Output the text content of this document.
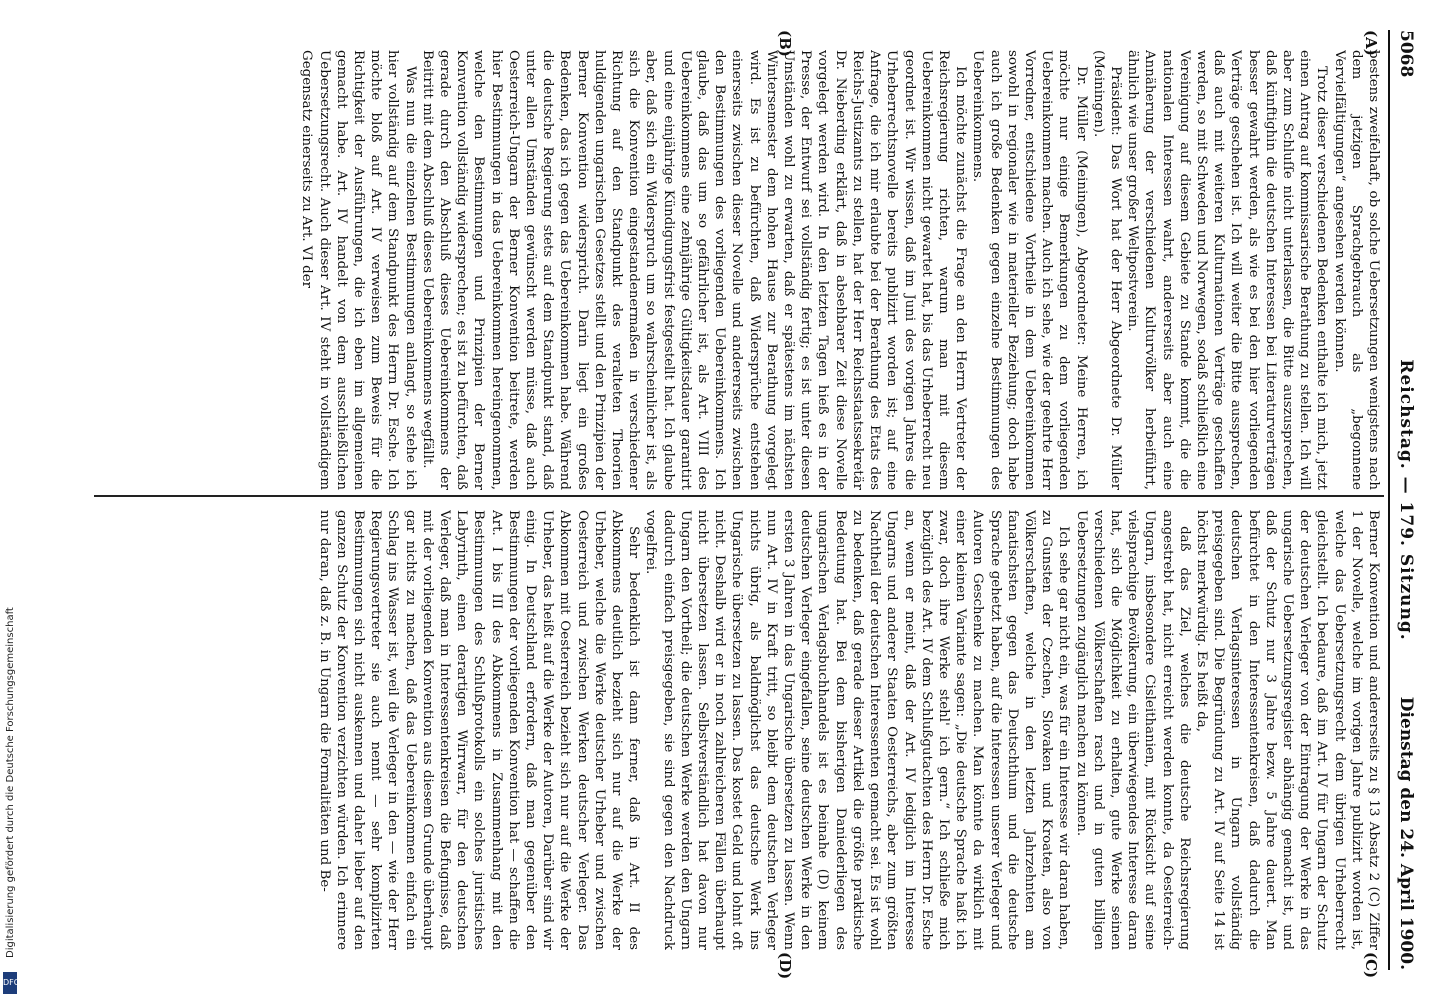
5068
Reichstag. — 179. Sitzung.
Dienstag den 24. April 1900.
(A)
(B)
(C)
(D)

bestens zweifelhaft, ob solche Uebersetzungen wenigstens nach dem jetzigen Sprachgebrauch als „begonnene Vervielfältigungen“ angesehen werden können.

Trotz dieser verschiedenen Bedenken enthalte ich mich, jetzt einen Antrag auf kommissarische Berathung zu stellen. Ich will aber zum Schluſſe nicht unterlassen, die Bitte auszusprechen, daß künftighin die deutschen Interessen bei Literaturverträgen besser gewahrt werden, als wie es bei den hier vorliegenden Verträge geschehen ist. Ich will weiter die Bitte aussprechen, daß auch mit weiteren Kulturnationen Verträge geschaffen werden, so mit Schweden und Norwegen, sodaß schließlich eine Vereinigung auf diesem Gebiete zu Stande kommt, die die nationalen Interessen wahrt, andererseits aber auch eine Annäherung der verschiedenen Kulturvölker herbeiführt, ähnlich wie unser großer Weltpostverein.

Präsident: Das Wort hat der Herr Abgeordnete Dr. Müller (Meiningen).

Dr. Müller (Meiningen), Abgeordneter: Meine Herren, ich möchte nur einige Bemerkungen zu dem vorliegenden Uebereinkommen machen. Auch ich sehe, wie der geehrte Herr Vorredner, entschiedene Vortheile in dem Uebereinkommen sowohl in regionaler wie in materieller Beziehung; doch habe auch ich große Bedenken gegen einzelne Bestimmungen des Uebereinkommens.

Ich möchte zunächst die Frage an den Herrn Vertreter der Reichsregierung richten, warum man mit diesem Uebereinkommen nicht gewartet hat, bis das Urheberrecht neu geordnet ist. Wir wissen, daß im Juni des vorigen Jahres die Urheberrechtsnovelle bereits publizirt worden ist; auf eine Anfrage, die ich mir erlaubte bei der Berathung des Etats des Reichs-Justizamts zu stellen, hat der Herr Reichsstaatssekretär Dr. Nieberding erklärt, daß in absehbarer Zeit diese Novelle vorgelegt werden wird. In den letzten Tagen hieß es in der Presse, der Entwurf sei vollständig fertig; es ist unter diesen Umständen wohl zu erwarten, daß er spätestens im nächsten Wintersemester dem hohen Hause zur Berathung vorgelegt wird. Es ist zu befürchten, daß Widersprüche entstehen einerseits zwischen dieser Novelle und andererseits zwischen den Bestimmungen des vorliegenden Uebereinkommens. Ich glaube, daß das um so gefährlicher ist, als Art. VIII des Uebereinkommens eine zehnjährige Gültigkeitsdauer garantirt und eine einjährige Kündigungsfrist festgestellt hat. Ich glaube aber, daß sich ein Widerspruch um so wahrscheinlicher ist, als sich die Konvention eingestandenermaßen in verschiedener Richtung auf den Standpunkt des veralteten Theorien huldigenden ungarischen Gesetzes stellt und den Prinzipien der Berner Konvention widerspricht. Darin liegt ein großes Bedenken, das ich gegen das Uebereinkommen habe. Während die deutsche Regierung stets auf dem Standpunkt stand, daß unter allen Umständen gewünscht werden müsse, daß auch Oesterreich-Ungarn der Berner Konvention beitrete, werden hier Bestimmungen in das Uebereinkommen hereingenommen, welche den Bestimmungen und Prinzipien der Berner Konvention vollständig widersprechen; es ist zu befürchten, daß gerade durch den Abschluß dieses Uebereinkommens der Beitritt mit dem Abschluß dieses Uebereinkommens wegfällt.

Was nun die einzelnen Bestimmungen anlangt, so stehe ich hier vollständig auf dem Standpunkt des Herrn Dr. Esche. Ich möchte bloß auf Art. IV verweisen zum Beweis für die Richtigkeit der Ausführungen, die ich eben im allgemeinen gemacht habe. Art. IV handelt von dem ausschließlichen Uebersetzungsrecht. Auch dieser Art. IV steht in vollständigem Gegensatz einerseits zu Art. VI der

Berner Konvention und andererseits zu § 13 Absatz 2 (C) Ziffer 1 der Novelle, welche im vorigen Jahre publizirt worden ist, welche das Uebersetzungsrecht dem übrigen Urheberrecht gleichstellt. Ich bedaure, daß im Art. IV für Ungarn der Schutz der deutschen Verleger von der Eintragung der Werke in das ungarische Uebersetzungsregister abhängig gemacht ist, und daß der Schutz nur 3 Jahre bezw. 5 Jahre dauert. Man befürchtet in den Interessentenkreisen, daß dadurch die deutschen Verlagsinteressen in Ungarn vollständig preisgegeben sind. Die Begründung zu Art. IV auf Seite 14 ist höchst merkwürdig. Es heißt da,

daß das Ziel, welches die deutsche Reichsregierung angestrebt hat, nicht erreicht werden konnte, da Oesterreich-Ungarn, insbesondere Cisleithanien, mit Rücksicht auf seine vielsprachige Bevölkerung, ein überwiegendes Interesse daran hat, sich die Möglichkeit zu erhalten, gute Werke seinen verschiedenen Völkerschaften rasch und in guten billigen Uebersetzungen zugänglich machen zu können.

Ich sehe gar nicht ein, was für ein Interesse wir daran haben, zu Gunsten der Czechen, Slovaken und Kroaten, also von Völkerschaften, welche in den letzten Jahrzehnten am fanatischsten gegen das Deutschthum und die deutsche Sprache gehetzt haben, auf die Interessen unserer Verleger und Autoren Geschenke zu machen. Man könnte da wirklich mit einer kleinen Variante sagen: „Die deutsche Sprache haßt ich zwar, doch ihre Werke stehl' ich gern.“ Ich schließe mich bezüglich des Art. IV dem Schlußgutachten des Herrn Dr. Esche an, wenn er meint, daß der Art. IV lediglich im Interesse Ungarns und anderer Staaten Oesterreichs, aber zum größten Nachtheil der deutschen Interessenten gemacht sei. Es ist wohl zu bedenken, daß gerade dieser Artikel die größte praktische Bedeutung hat. Bei dem bisherigen Daniederliegen des ungarischen Verlagsbuchhandels ist es beinahe (D) keinem deutschen Verleger eingefallen, seine deutschen Werke in den ersten 3 Jahren in das Ungarische übersetzen zu lassen. Wenn nun Art. IV in Kraft tritt, so bleibt dem deutschen Verleger nichts übrig, als baldmöglichst das deutsche Werk ins Ungarische übersetzen zu lassen. Das kostet Geld und lohnt oft nicht. Deshalb wird er in noch zahlreicheren Fällen überhaupt nicht übersetzen lassen. Selbstverständlich hat davon nur Ungarn den Vortheil; die deutschen Werke werden den Ungarn dadurch einfach preisgegeben, sie sind gegen den Nachdruck vogelfrei.

Sehr bedenklich ist dann ferner, daß in Art. II des Abkommens deutlich bezieht sich nur auf die Werke der Urheber, welche die Werke deutscher Urheber und zwischen Oesterreich und zwischen Werken deutscher Verleger. Das Abkommen mit Oesterreich bezieht sich nur auf die Werke der Urheber, das heißt auf die Werke der Autoren, Darüber sind wir einig. In Deutschland erfordern, daß man gegenüber den Bestimmungen der vorliegenden Konvention hat — schaffen die Art. I bis III des Abkommens in Zusammenhang mit den Bestimmungen des Schlußprotokolls ein solches juristisches Labyrinth, einen derartigen Wirrwarr, für den deutschen Verleger, daß man in Interessentenkreisen die Befugnisse, daß mit der vorliegenden Konvention aus diesem Grunde überhaupt gar nichts zu machen, daß das Uebereinkommen einfach ein Schlag ins Wasser ist, weil die Verleger in den — wie der Herr Regierungsvertreter sie auch nennt — sehr komplizirten Bestimmungen sich nicht auskennen und daher lieber auf den ganzen Schutz der Konvention verzichten würden. Ich erinnere nur daran, daß z. B. in Ungarn die Formalitäten und Be-

Digitalisierung gefördert durch die Deutsche Forschungsgemeinschaft
DFG
